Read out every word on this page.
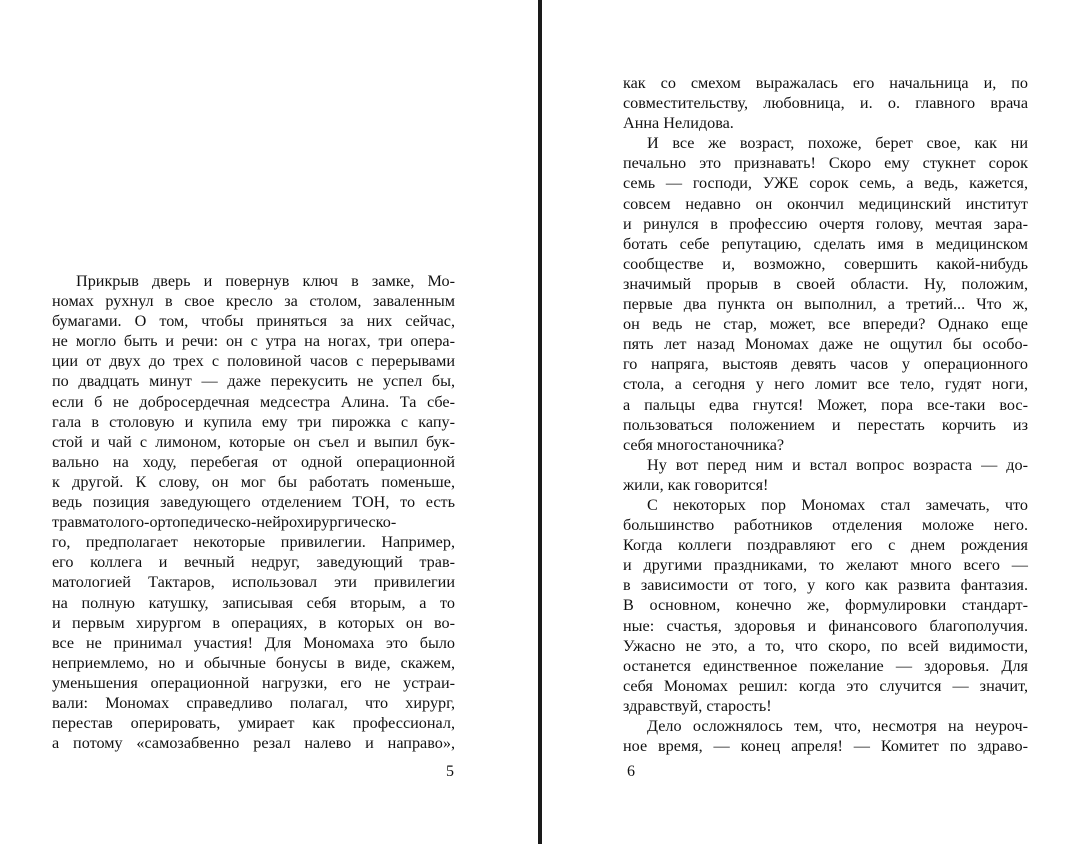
Прикрыв дверь и повернув ключ в замке, Мо-
номах рухнул в свое кресло за столом, заваленным
бумагами. О том, чтобы приняться за них сейчас,
не могло быть и речи: он с утра на ногах, три опера-
ции от двух до трех с половиной часов с перерывами
по двадцать минут — даже перекусить не успел бы,
если б не добросердечная медсестра Алина. Та сбе-
гала в столовую и купила ему три пирожка с капу-
стой и чай с лимоном, которые он съел и выпил бук-
вально на ходу, перебегая от одной операционной
к другой. К слову, он мог бы работать поменьше,
ведь позиция заведующего отделением ТОН, то есть
травматолого-ортопедическо-нейрохирургическо-
го, предполагает некоторые привилегии. Например,
его коллега и вечный недруг, заведующий трав-
матологией Тактаров, использовал эти привилегии
на полную катушку, записывая себя вторым, а то
и первым хирургом в операциях, в которых он во-
все не принимал участия! Для Мономаха это было
неприемлемо, но и обычные бонусы в виде, скажем,
уменьшения операционной нагрузки, его не устраи-
вали: Мономах справедливо полагал, что хирург,
перестав оперировать, умирает как профессионал,
а потому «самозабвенно резал налево и направо»,
5
как со смехом выражалась его начальница и, по
совместительству, любовница, и. о. главного врача
Анна Нелидова.
И все же возраст, похоже, берет свое, как ни
печально это признавать! Скоро ему стукнет сорок
семь — господи, УЖЕ сорок семь, а ведь, кажется,
совсем недавно он окончил медицинский институт
и ринулся в профессию очертя голову, мечтая зара-
ботать себе репутацию, сделать имя в медицинском
сообществе и, возможно, совершить какой-нибудь
значимый прорыв в своей области. Ну, положим,
первые два пункта он выполнил, а третий... Что ж,
он ведь не стар, может, все впереди? Однако еще
пять лет назад Мономах даже не ощутил бы особо-
го напряга, выстояв девять часов у операционного
стола, а сегодня у него ломит все тело, гудят ноги,
а пальцы едва гнутся! Может, пора все-таки вос-
пользоваться положением и перестать корчить из
себя многостаночника?
Ну вот перед ним и встал вопрос возраста — до-
жили, как говорится!
С некоторых пор Мономах стал замечать, что
большинство работников отделения моложе него.
Когда коллеги поздравляют его с днем рождения
и другими праздниками, то желают много всего —
в зависимости от того, у кого как развита фантазия.
В основном, конечно же, формулировки стандарт-
ные: счастья, здоровья и финансового благополучия.
Ужасно не это, а то, что скоро, по всей видимости,
останется единственное пожелание — здоровья. Для
себя Мономах решил: когда это случится — значит,
здравствуй, старость!
Дело осложнялось тем, что, несмотря на неуроч-
ное время, — конец апреля! — Комитет по здраво-
6
